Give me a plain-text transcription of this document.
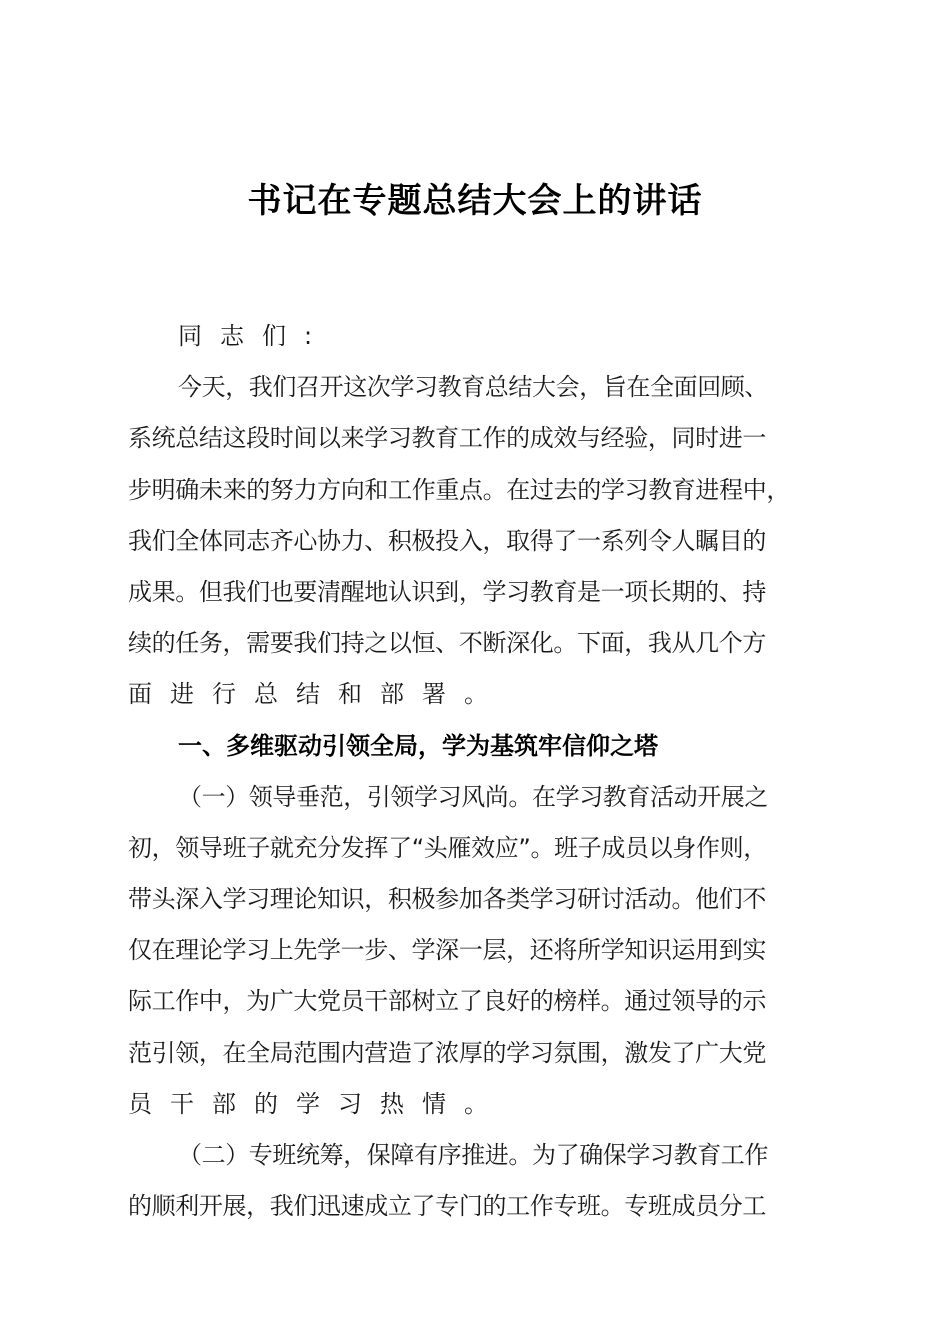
书记在专题总结大会上的讲话
同志们:
今天，我们召开这次学习教育总结大会，旨在全面回顾、
系统总结这段时间以来学习教育工作的成效与经验，同时进一
步明确未来的努力方向和工作重点。在过去的学习教育进程中，
我们全体同志齐心协力、积极投入，取得了一系列令人瞩目的
成果。但我们也要清醒地认识到，学习教育是一项长期的、持
续的任务，需要我们持之以恒、不断深化。下面，我从几个方
面进行总结和部署。
一、多维驱动引领全局，学为基筑牢信仰之塔
（一）领导垂范，引领学习风尚。在学习教育活动开展之
初，领导班子就充分发挥了“头雁效应”。班子成员以身作则，
带头深入学习理论知识，积极参加各类学习研讨活动。他们不
仅在理论学习上先学一步、学深一层，还将所学知识运用到实
际工作中，为广大党员干部树立了良好的榜样。通过领导的示
范引领，在全局范围内营造了浓厚的学习氛围，激发了广大党
员干部的学习热情。
（二）专班统筹，保障有序推进。为了确保学习教育工作
的顺利开展，我们迅速成立了专门的工作专班。专班成员分工
